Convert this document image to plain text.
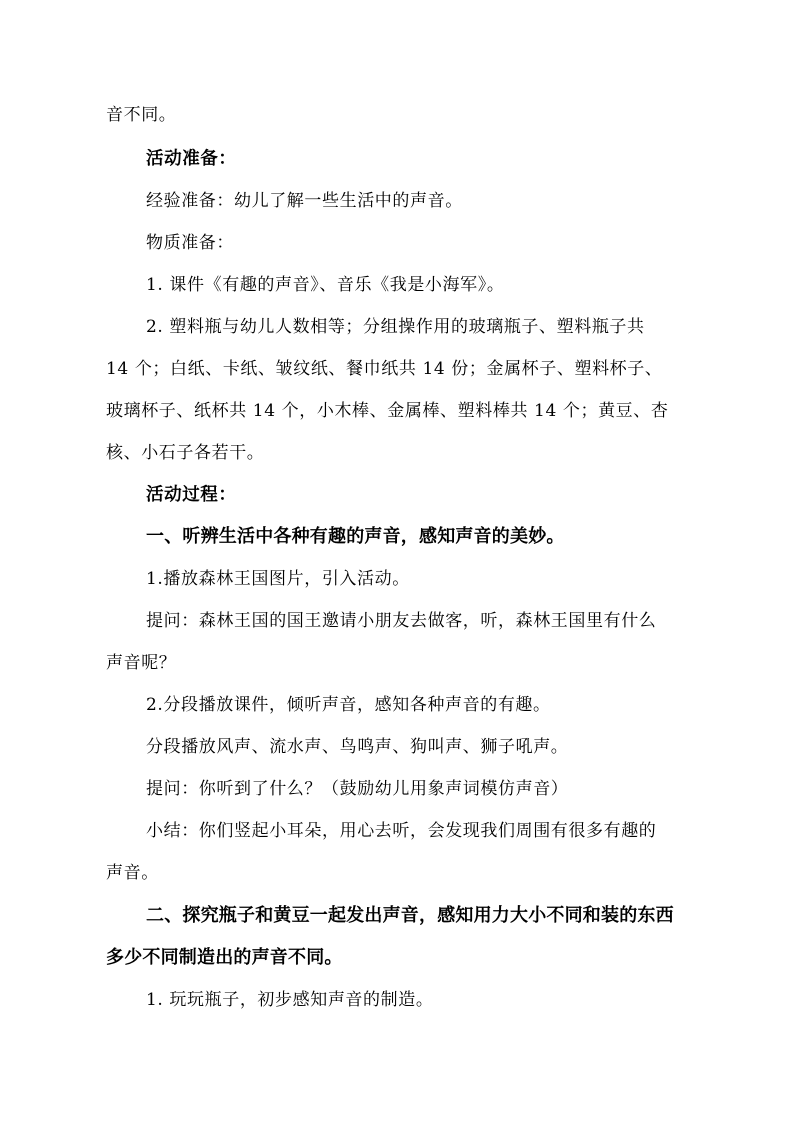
音不同。
活动准备：
经验准备：幼儿了解一些生活中的声音。
物质准备：
1. 课件《有趣的声音》、音乐《我是小海军》。
2. 塑料瓶与幼儿人数相等；分组操作用的玻璃瓶子、塑料瓶子共
14 个；白纸、卡纸、皱纹纸、餐巾纸共 14 份；金属杯子、塑料杯子、
玻璃杯子、纸杯共 14 个，小木棒、金属棒、塑料棒共 14 个；黄豆、杏
核、小石子各若干。
活动过程：
一、听辨生活中各种有趣的声音，感知声音的美妙。
1.播放森林王国图片，引入活动。
提问：森林王国的国王邀请小朋友去做客，听，森林王国里有什么
声音呢？
2.分段播放课件，倾听声音，感知各种声音的有趣。
分段播放风声、流水声、鸟鸣声、狗叫声、狮子吼声。
提问：你听到了什么？（鼓励幼儿用象声词模仿声音）
小结：你们竖起小耳朵，用心去听，会发现我们周围有很多有趣的
声音。
二、探究瓶子和黄豆一起发出声音，感知用力大小不同和装的东西
多少不同制造出的声音不同。
1. 玩玩瓶子，初步感知声音的制造。
